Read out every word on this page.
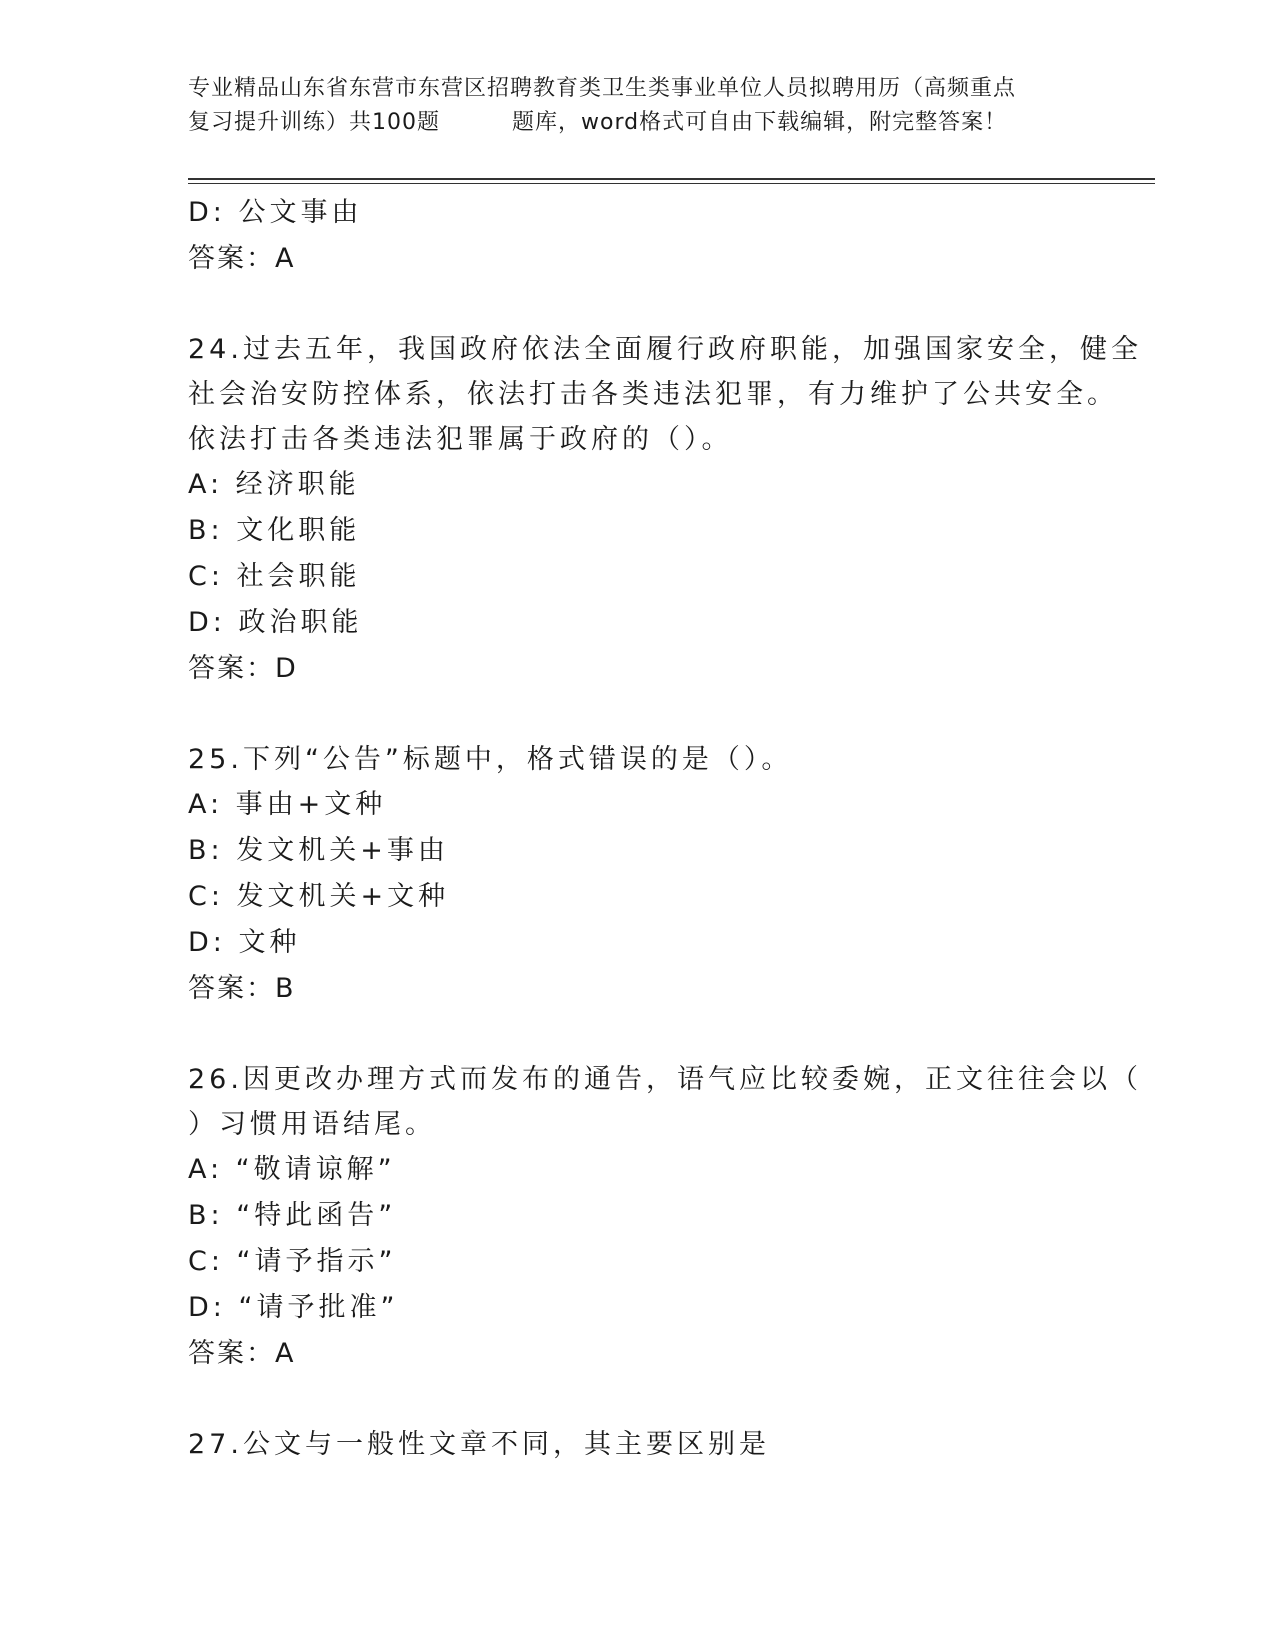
专业精品山东省东营市东营区招聘教育类卫生类事业单位人员拟聘用历（高频重点
复习提升训练）共100题	题库，word格式可自由下载编辑，附完整答案！
D: 公文事由
答案：A
24.过去五年，我国政府依法全面履行政府职能，加强国家安全，健全
社会治安防控体系，依法打击各类违法犯罪，有力维护了公共安全。
依法打击各类违法犯罪属于政府的（）。
A: 经济职能
B: 文化职能
C: 社会职能
D: 政治职能
答案：D
25.下列“公告”标题中，格式错误的是（）。
A: 事由+文种
B: 发文机关+事由
C: 发文机关+文种
D: 文种
答案：B
26.因更改办理方式而发布的通告，语气应比较委婉，正文往往会以（
）习惯用语结尾。
A: “敬请谅解”
B: “特此函告”
C: “请予指示”
D: “请予批准”
答案：A
27.公文与一般性文章不同，其主要区别是
